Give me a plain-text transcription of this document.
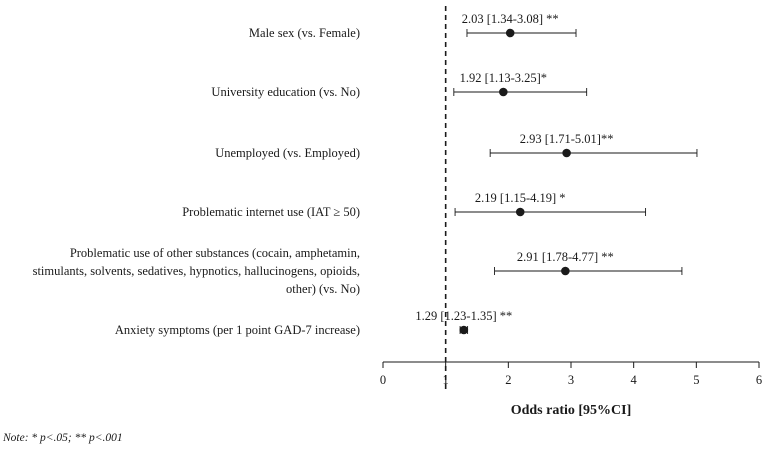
0	1	2	3	4	5	6
Male sex (vs. Female)
University education (vs. No)
Unemployed (vs. Employed)
Problematic internet use (IAT ≥ 50)
Problematic use of other substances (cocain, amphetamin,
stimulants, solvents, sedatives, hypnotics, hallucinogens, opioids,
other) (vs. No)
Anxiety symptoms (per 1 point GAD-7 increase)
2.03 [1.34-3.08] **
1.92 [1.13-3.25]*
2.93 [1.71-5.01]**
2.19 [1.15-4.19] *
2.91 [1.78-4.77] **
1.29 [1.23-1.35] **
Odds ratio [95%CI]
Note: * p<.05; ** p<.001
